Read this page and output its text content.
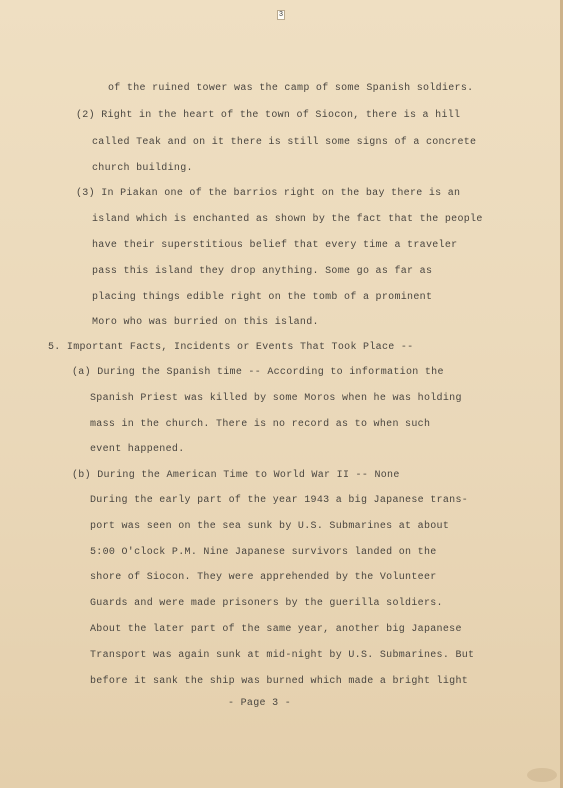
3
of the ruined tower was the camp of some Spanish soldiers.
(2) Right in the heart of the town of Siocon, there is a hill
called Teak and on it there is still some signs of a concrete
church building.
(3) In Piakan one of the barrios right on the bay there is an
island which is enchanted as shown by the fact that the people
have their superstitious belief that every time a traveler
pass this island they drop anything. Some go as far as
placing things edible right on the tomb of a prominent
Moro who was burried on this island.
5. Important Facts, Incidents or Events That Took Place --
(a) During the Spanish time -- According to information the
Spanish Priest was killed by some Moros when he was holding
mass in the church. There is no record as to when such
event happened.
(b) During the American Time to World War II -- None
During the early part of the year 1943 a big Japanese trans-
port was seen on the sea sunk by U.S. Submarines at about
5:00 O'clock P.M. Nine Japanese survivors landed on the
shore of Siocon. They were apprehended by the Volunteer
Guards and were made prisoners by the guerilla soldiers.
About the later part of the same year, another big Japanese
Transport was again sunk at mid-night by U.S. Submarines. But
before it sank the ship was burned which made a bright light
- Page 3 -
